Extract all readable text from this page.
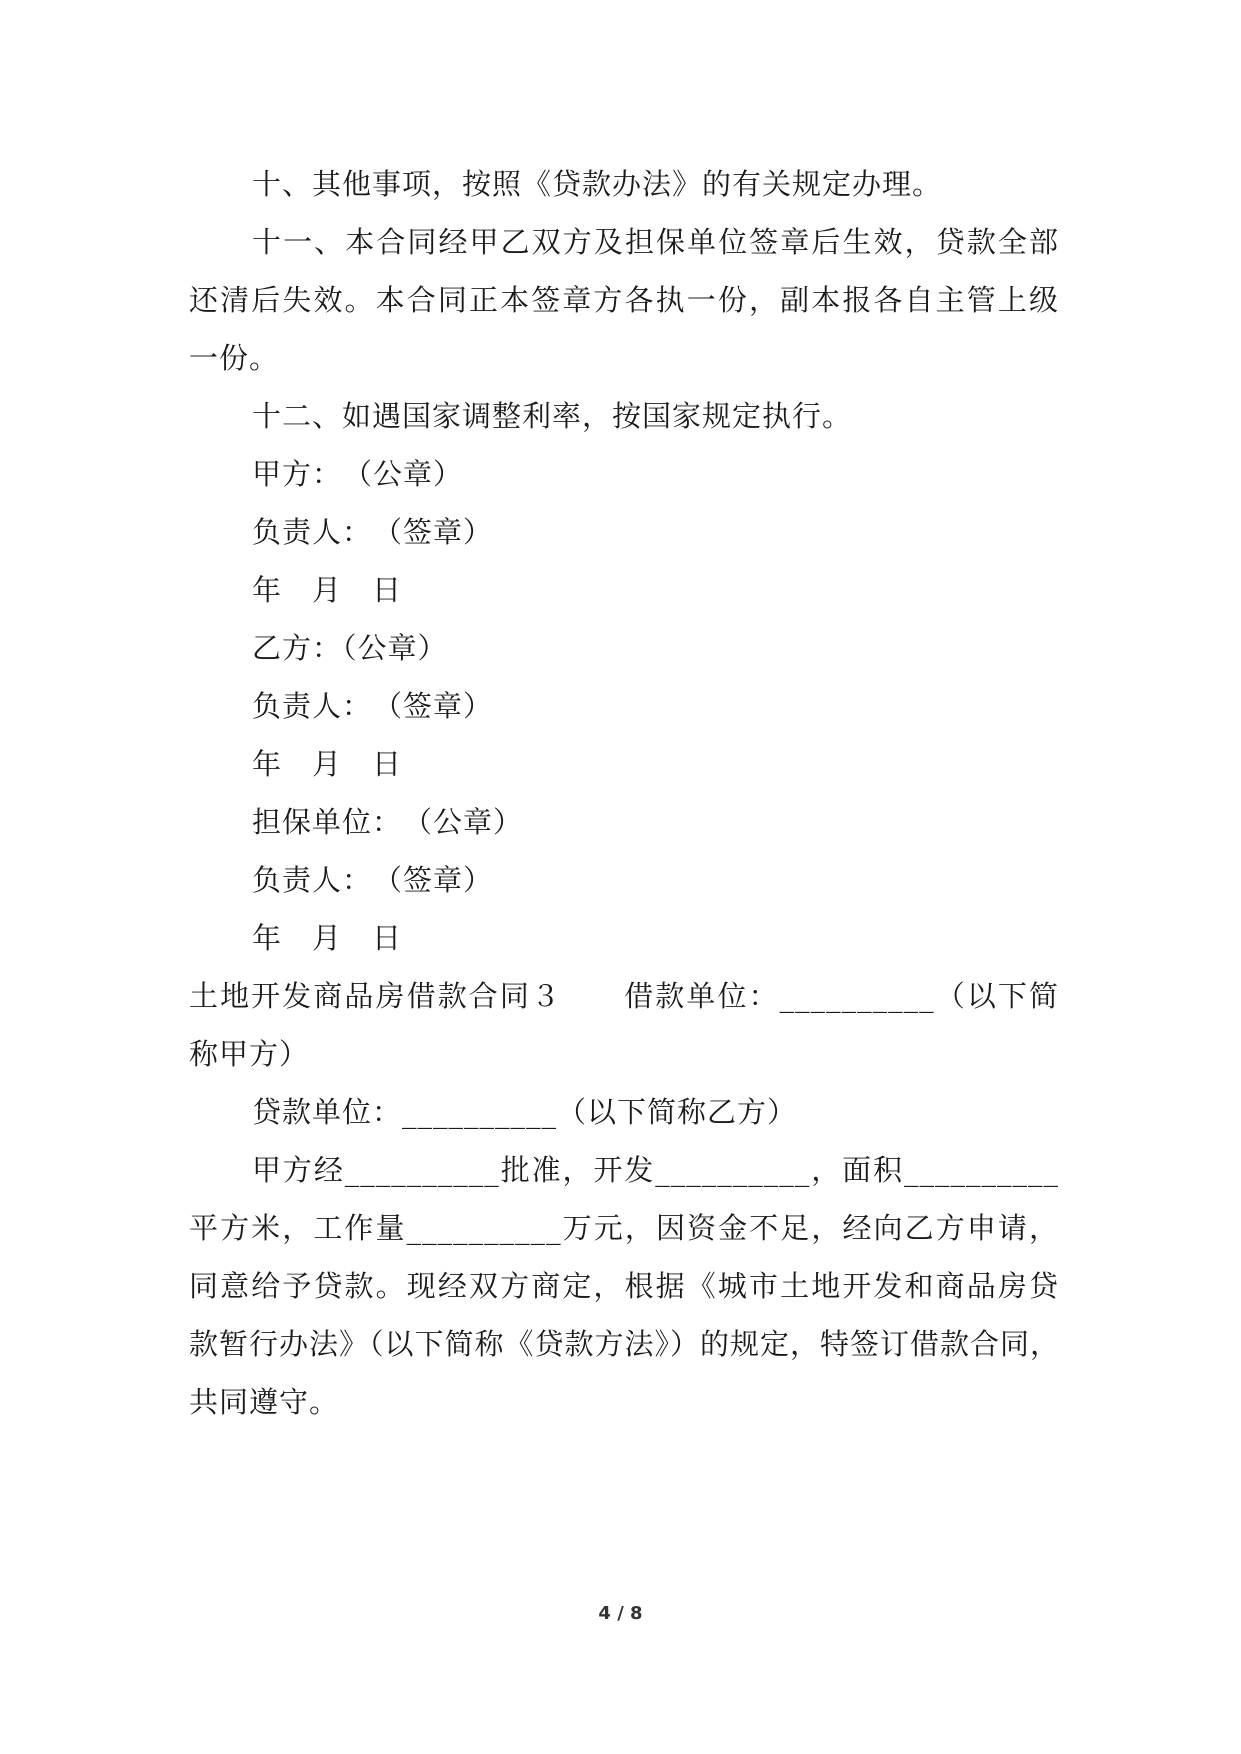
十、其他事项，按照《贷款办法》的有关规定办理。
十一、本合同经甲乙双方及担保单位签章后生效，贷款全部
还清后失效。本合同正本签章方各执一份，副本报各自主管上级
一份。
十二、如遇国家调整利率，按国家规定执行。
甲方：　（公章）
负责人：　（签章）
年　月　日
乙方：（公章）
负责人：　（签章）
年　月　日
担保单位：　（公章）
负责人：　（签章）
年　月　日
土地开发商品房借款合同３　　借款单位：__________（以下简
称甲方）
贷款单位：__________（以下简称乙方）
甲方经__________批准，开发__________，面积__________
平方米，工作量__________万元，因资金不足，经向乙方申请，
同意给予贷款。现经双方商定，根据《城市土地开发和商品房贷
款暂行办法》（以下简称《贷款方法》）的规定，特签订借款合同，
共同遵守。
4 / 8
